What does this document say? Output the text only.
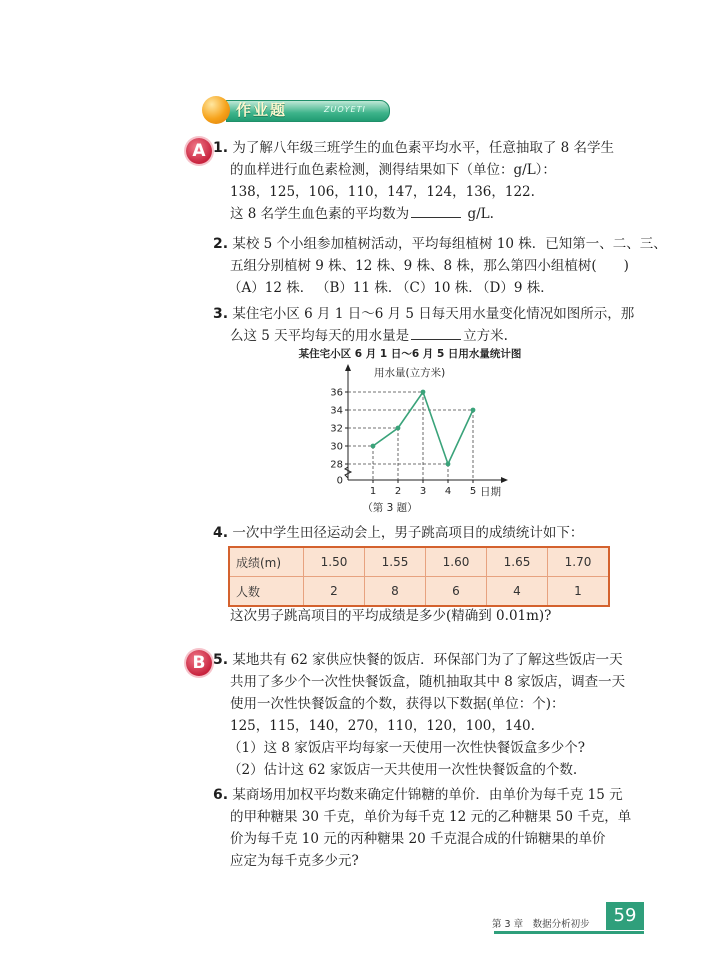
作业题	ZUOYETI
A 1. 为了解八年级三班学生的血色素平均水平，任意抽取了 8 名学生
的血样进行血色素检测，测得结果如下（单位：g/L）：
138，125，106，110，147，124，136，122.
这 8 名学生血色素的平均数为	g/L.
2. 某校 5 个小组参加植树活动，平均每组植树 10 株．已知第一、二、三、
五组分别植树 9 株、12 株、9 株、8 株，那么第四小组植树(　　)
（A）12 株． （B）11 株．
（C）10 株．
（D）9 株．
3. 某住宅小区 6 月 1 日～6 月 5 日每天用水量变化情况如图所示，那
么这 5 天平均每天的用水量是	立方米.
某住宅小区 6 月 1 日～6 月 5 日用水量统计图
用水量(立方米)
日期
（第 3 题）
0
28
30
32
34
36
1 2 3 4 5
4. 一次中学生田径运动会上，男子跳高项目的成绩统计如下：
成绩(m)	1.50	1.55	1.60	1.65	1.70
人数	2	8	6	4	1
这次男子跳高项目的平均成绩是多少(精确到 0.01m)?
B 5. 某地共有 62 家供应快餐的饭店．环保部门为了了解这些饭店一天
共用了多少个一次性快餐饭盒，随机抽取其中 8 家饭店，调查一天
使用一次性快餐饭盒的个数，获得以下数据(单位：个)：
125，115，140，270，110，120，100，140.
（1）这 8 家饭店平均每家一天使用一次性快餐饭盒多少个?
（2）估计这 62 家饭店一天共使用一次性快餐饭盒的个数.
6. 某商场用加权平均数来确定什锦糖的单价．由单价为每千克 15 元
的甲种糖果 30 千克，单价为每千克 12 元的乙种糖果 50 千克，单
价为每千克 10 元的丙种糖果 20 千克混合成的什锦糖果的单价
应定为每千克多少元?
第 3 章　数据分析初步	59
